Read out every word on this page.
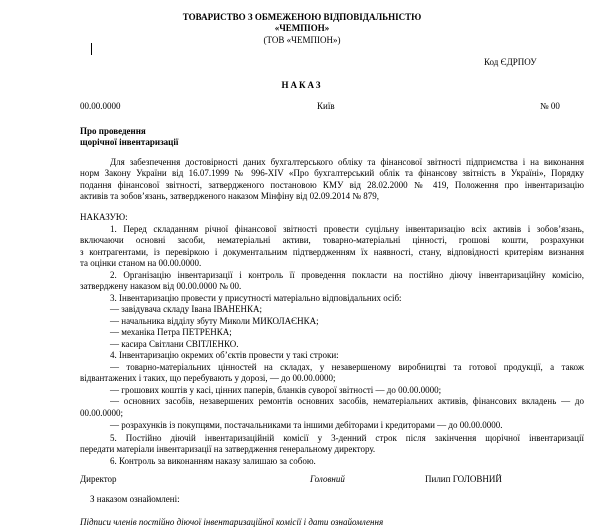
ТОВАРИСТВО З ОБМЕЖЕНОЮ ВІДПОВІДАЛЬНІСТЮ
«ЧЕМПІОН»
(ТОВ «ЧЕМПІОН»)
Код ЄДРПОУ
НАКАЗ
00.00.0000	Київ	№ 00
Про проведення
щорічної інвентаризації
Для забезпечення достовірності даних бухгалтерського обліку та фінансової звітності підприємства і на виконання
норм Закону України від 16.07.1999 № 996-XIV «Про бухгалтерський облік та фінансову звітність в Україні», Порядку
подання фінансової звітності, затвердженого постановою КМУ від 28.02.2000 № 419, Положення про інвентаризацію
активів та зобов’язань, затвердженого наказом Мінфіну від 02.09.2014 № 879,
НАКАЗУЮ:
1. Перед складанням річної фінансової звітності провести суцільну інвентаризацію всіх активів і зобов’язань,
включаючи основні засоби, нематеріальні активи, товарно-матеріальні цінності, грошові кошти, розрахунки
з контрагентами, із перевіркою і документальним підтвердженням їх наявності, стану, відповідності критеріям визнання
та оцінки станом на 00.00.0000.
2. Організацію інвентаризації і контроль її проведення покласти на постійно діючу інвентаризаційну комісію,
затверджену наказом від 00.00.0000 № 00.
3. Інвентаризацію провести у присутності матеріально відповідальних осіб:
— завідувача складу Івана ІВАНЕНКА;
— начальника відділу збуту Миколи МИКОЛАЄНКА;
— механіка Петра ПЕТРЕНКА;
— касира Світлани СВІТЛЕНКО.
4. Інвентаризацію окремих об’єктів провести у такі строки:
— товарно-матеріальних цінностей на складах, у незавершеному виробництві та готової продукції, а також
відвантажених і таких, що перебувають у дорозі, — до 00.00.0000;
— грошових коштів у касі, цінних паперів, бланків суворої звітності — до 00.00.0000;
— основних засобів, незавершених ремонтів основних засобів, нематеріальних активів, фінансових вкладень — до
00.00.0000;
— розрахунків із покупцями, постачальниками та іншими дебіторами і кредиторами — до 00.00.0000.
5. Постійно діючій інвентаризаційній комісії у 3-денний строк після закінчення щорічної інвентаризації
передати матеріали інвентаризації на затвердження генеральному директору.
6. Контроль за виконанням наказу залишаю за собою.
Директор	Головний	Пилип ГОЛОВНИЙ
З наказом ознайомлені:
Підписи членів постійно діючої інвентаризаційної комісії і дати ознайомлення
